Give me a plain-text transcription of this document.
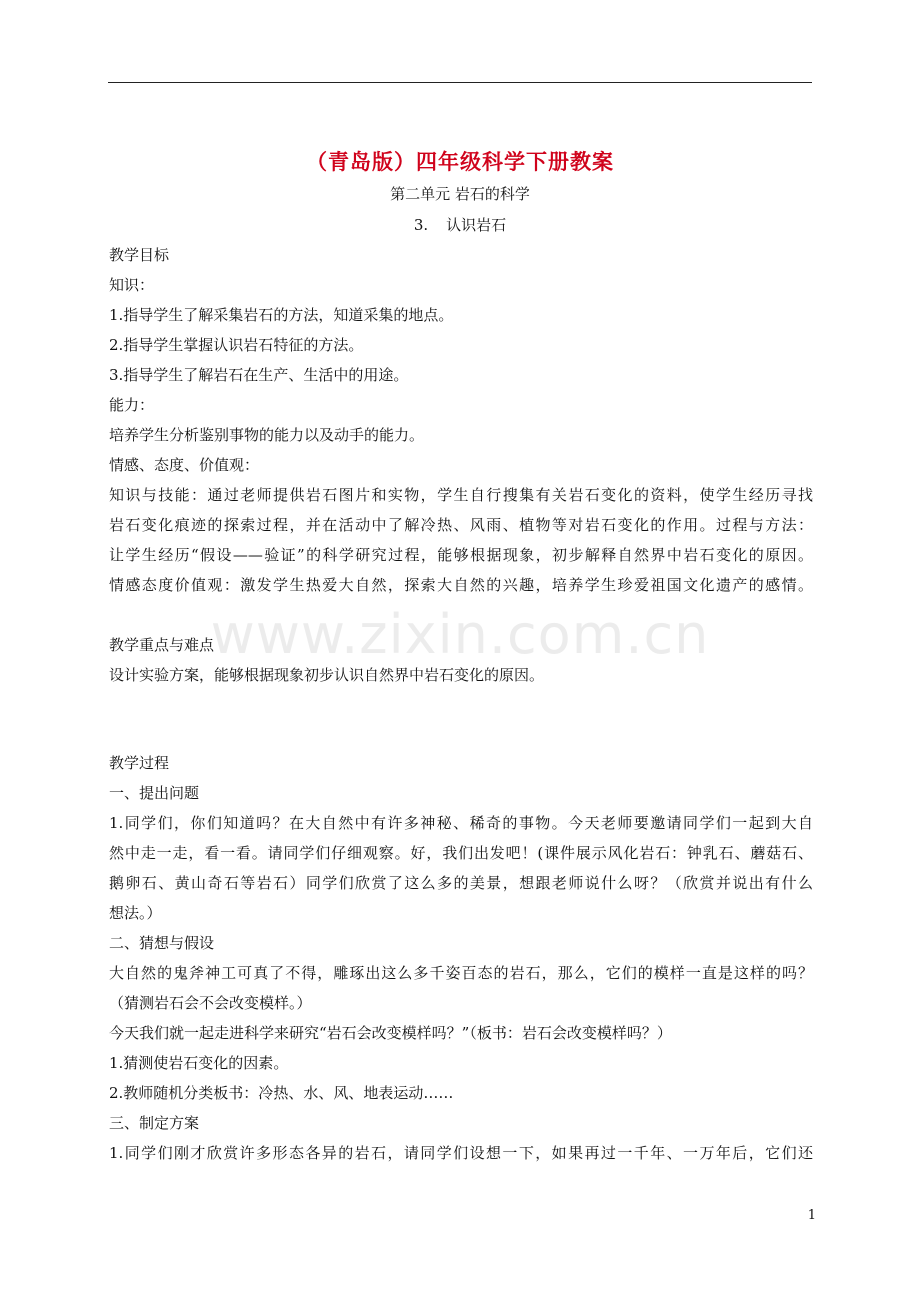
（青岛版）四年级科学下册教案
第二单元 岩石的科学
3. 认识岩石
教学目标
知识：
1.指导学生了解采集岩石的方法，知道采集的地点。
2.指导学生掌握认识岩石特征的方法。
3.指导学生了解岩石在生产、生活中的用途。
能力：
培养学生分析鉴别事物的能力以及动手的能力。
情感、态度、价值观：
知识与技能：通过老师提供岩石图片和实物，学生自行搜集有关岩石变化的资料，使学生经历寻找
岩石变化痕迹的探索过程，并在活动中了解冷热、风雨、植物等对岩石变化的作用。过程与方法：
让学生经历“假设——验证”的科学研究过程，能够根据现象，初步解释自然界中岩石变化的原因。
情感态度价值观：激发学生热爱大自然，探索大自然的兴趣，培养学生珍爱祖国文化遗产的感情。
教学重点与难点
设计实验方案，能够根据现象初步认识自然界中岩石变化的原因。
教学过程
一、提出问题
1.同学们，你们知道吗？在大自然中有许多神秘、稀奇的事物。今天老师要邀请同学们一起到大自
然中走一走，看一看。请同学们仔细观察。好，我们出发吧！(课件展示风化岩石：钟乳石、蘑菇石、
鹅卵石、黄山奇石等岩石）同学们欣赏了这么多的美景，想跟老师说什么呀？（欣赏并说出有什么
想法。）
二、猜想与假设
大自然的鬼斧神工可真了不得，雕琢出这么多千姿百态的岩石，那么，它们的模样一直是这样的吗？
（猜测岩石会不会改变模样。）
今天我们就一起走进科学来研究“岩石会改变模样吗？”（板书：岩石会改变模样吗？）
1.猜测使岩石变化的因素。
2.教师随机分类板书：冷热、水、风、地表运动……
三、制定方案
1.同学们刚才欣赏许多形态各异的岩石，请同学们设想一下，如果再过一千年、一万年后，它们还
www.zixin.com.cn
1
